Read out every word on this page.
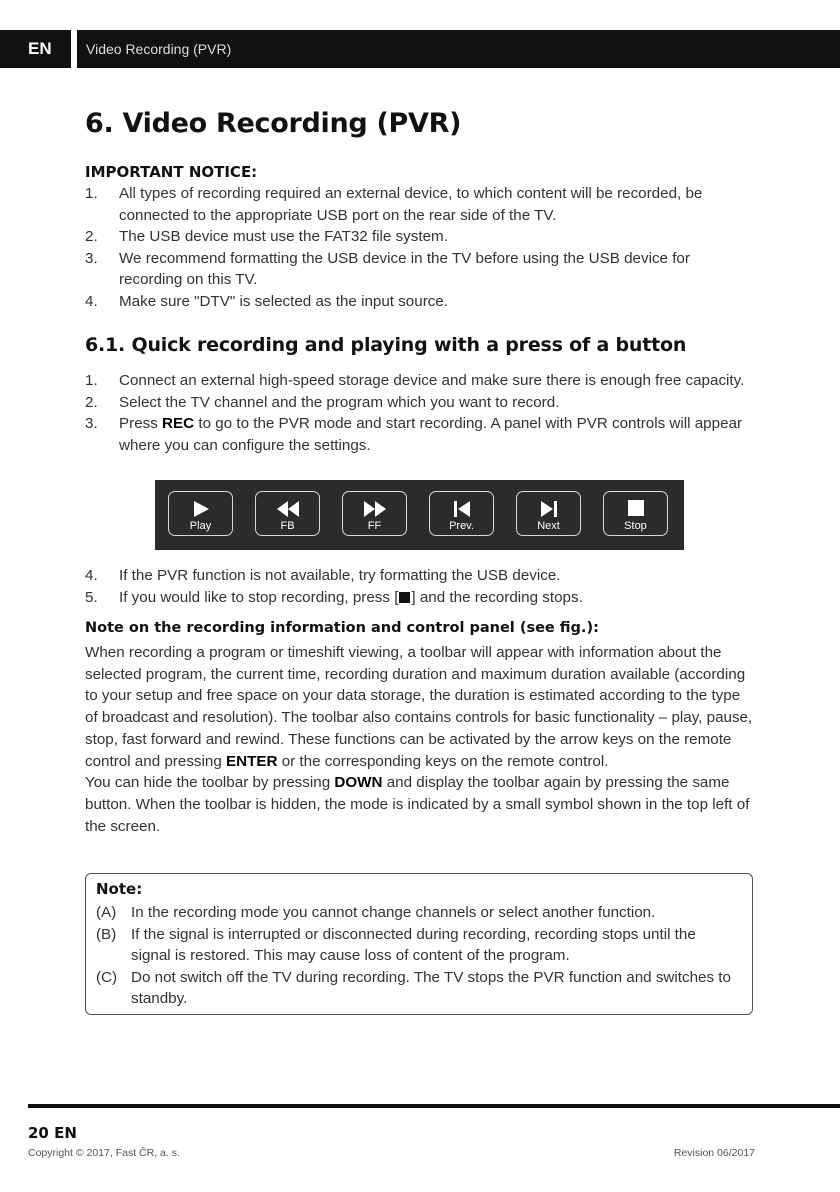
EN Video Recording (PVR)
6. Video Recording (PVR)
IMPORTANT NOTICE:
1. All types of recording required an external device, to which content will be recorded, be connected to the appropriate USB port on the rear side of the TV.
2. The USB device must use the FAT32 file system.
3. We recommend formatting the USB device in the TV before using the USB device for recording on this TV.
4. Make sure "DTV" is selected as the input source.
6.1. Quick recording and playing with a press of a button
1. Connect an external high-speed storage device and make sure there is enough free capacity.
2. Select the TV channel and the program which you want to record.
3. Press REC to go to the PVR mode and start recording. A panel with PVR controls will appear where you can configure the settings.
Play	FB	FF	Prev.	Next	Stop
4. If the PVR function is not available, try formatting the USB device.
5. If you would like to stop recording, press [ ] and the recording stops.
Note on the recording information and control panel (see fig.):
When recording a program or timeshift viewing, a toolbar will appear with information about the selected program, the current time, recording duration and maximum duration available (according to your setup and free space on your data storage, the duration is estimated according to the type of broadcast and resolution). The toolbar also contains controls for basic functionality – play, pause, stop, fast forward and rewind. These functions can be activated by the arrow keys on the remote control and pressing ENTER or the corresponding keys on the remote control.
You can hide the toolbar by pressing DOWN and display the toolbar again by pressing the same button. When the toolbar is hidden, the mode is indicated by a small symbol shown in the top left of the screen.
Note:
(A) In the recording mode you cannot change channels or select another function.
(B) If the signal is interrupted or disconnected during recording, recording stops until the signal is restored. This may cause loss of content of the program.
(C) Do not switch off the TV during recording. The TV stops the PVR function and switches to standby.
20 EN
Copyright © 2017, Fast ČR, a. s.	Revision 06/2017
